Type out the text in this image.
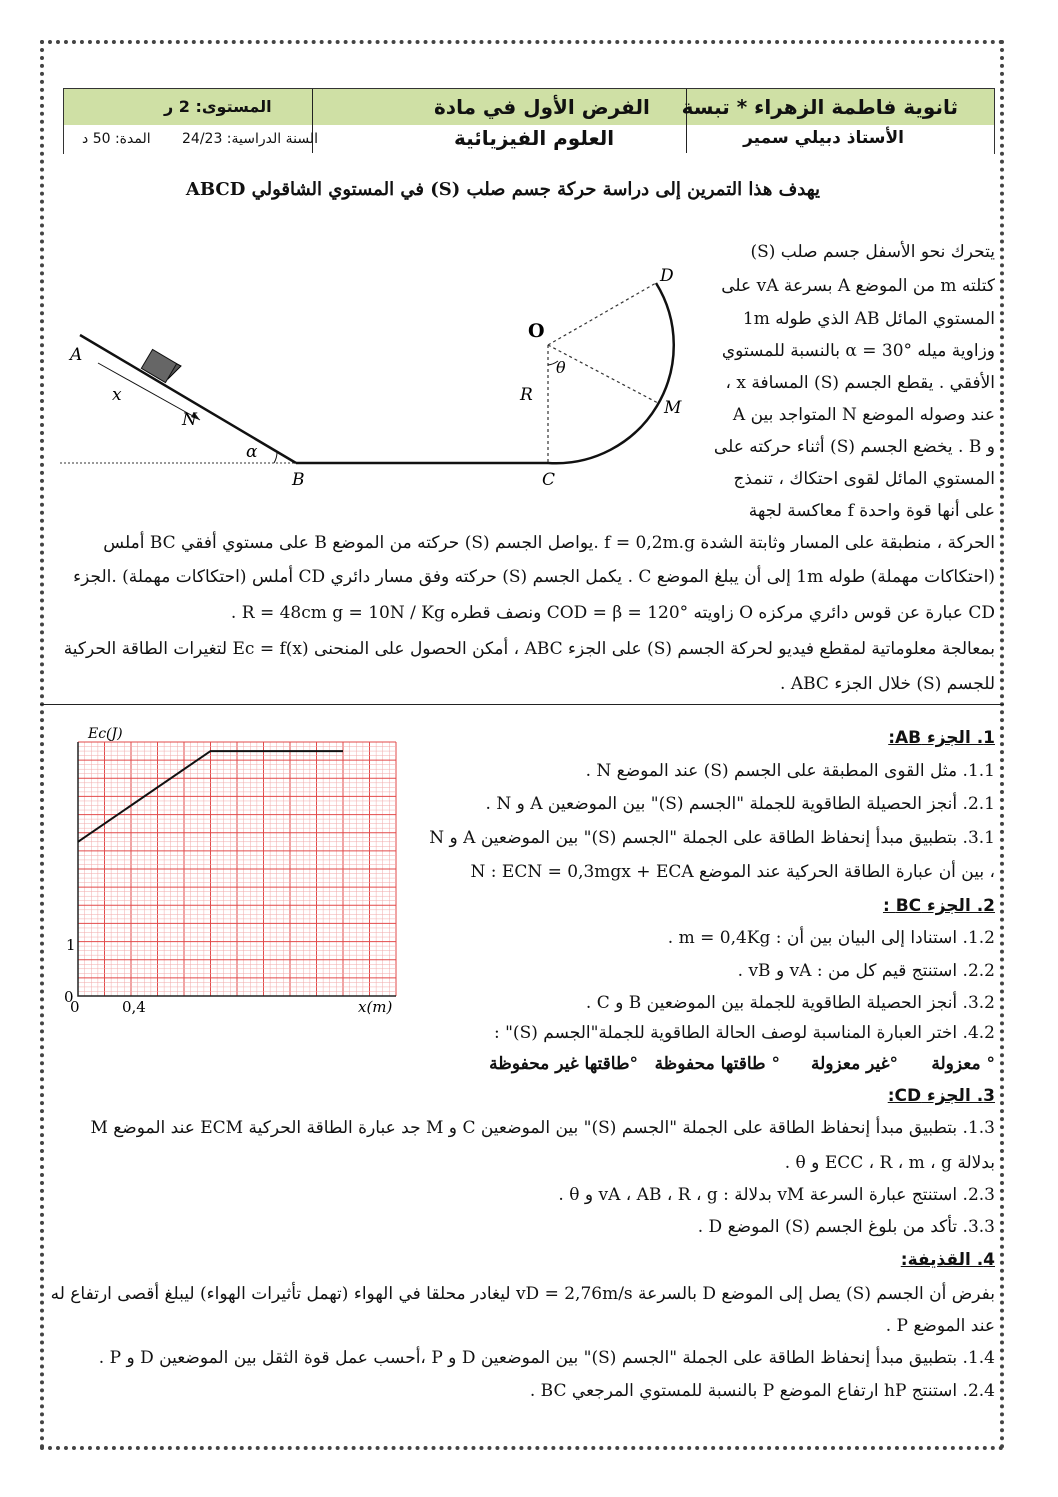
ثانوية فاطمة الزهراء * تبسة
الأستاذ دبيلي سمير
الفرض الأول في مادة
العلوم الفيزيائية
المستوى: 2 ر
السنة الدراسية: 24/23
المدة: 50 د
يهدف هذا التمرين إلى دراسة حركة جسم صلب (S) في المستوي الشاقولي ABCD
يتحرك نحو الأسفل جسم صلب (S)
كتلته m من الموضع A بسرعة vA على
المستوي المائل AB الذي طوله 1m
وزاوية ميله α = 30° بالنسبة للمستوي
الأفقي . يقطع الجسم (S) المسافة x ،
عند وصوله الموضع N المتواجد بين A
و B . يخضع الجسم (S) أثناء حركته على
المستوي المائل لقوى احتكاك ، تنمذج
على أنها قوة واحدة f معاكسة لجهة
الحركة ، منطبقة على المسار وثابتة الشدة f = 0,2m.g .يواصل الجسم (S) حركته من الموضع B على مستوي أفقي BC أملس
(احتكاكات مهملة) طوله 1m إلى أن يبلغ الموضع C . يكمل الجسم (S) حركته وفق مسار دائري CD أملس (احتكاكات مهملة) .الجزء
CD عبارة عن قوس دائري مركزه O زاويته COD = β = 120° ونصف قطره R = 48cm g = 10N / Kg .
بمعالجة معلوماتية لمقطع فيديو لحركة الجسم (S) على الجزء ABC ، أمكن الحصول على المنحنى Ec = f(x) لتغيرات الطاقة الحركية
للجسم (S) خلال الجزء ABC .
A
x
N
α
B	C
O
R
θ
M
D
Ec(J)
x(m)
1
0,4
0
0
1. الجزء AB:
1.1. مثل القوى المطبقة على الجسم (S) عند الموضع N .
2.1. أنجز الحصيلة الطاقوية للجملة "الجسم (S)" بين الموضعين A و N .
3.1. بتطبيق مبدأ إنحفاظ الطاقة على الجملة "الجسم (S)" بين الموضعين A و N
، بين أن عبارة الطاقة الحركية عند الموضع N : ECN = 0,3mgx + ECA
2. الجزء BC :
1.2. استنادا إلى البيان بين أن : m = 0,4Kg .
2.2. استنتج قيم كل من : vA و vB .
3.2. أنجز الحصيلة الطاقوية للجملة بين الموضعين B و C .
4.2. اختر العبارة المناسبة لوصف الحالة الطاقوية للجملة"الجسم (S)" :
° معزولة
°غير معزولة
° طاقتها محفوظة
°طاقتها غير محفوظة
3. الجزء CD:
1.3. بتطبيق مبدأ إنحفاظ الطاقة على الجملة "الجسم (S)" بين الموضعين C و M جد عبارة الطاقة الحركية ECM عند الموضع M
بدلالة ECC ، R ، m ، g و θ .
2.3. استنتج عبارة السرعة vM بدلالة : vA ، AB ، R ، g و θ .
3.3. تأكد من بلوغ الجسم (S) الموضع D .
4. القذيفة:
بفرض أن الجسم (S) يصل إلى الموضع D بالسرعة vD = 2,76m/s ليغادر محلقا في الهواء (تهمل تأثيرات الهواء) ليبلغ أقصى ارتفاع له
عند الموضع P .
1.4. بتطبيق مبدأ إنحفاظ الطاقة على الجملة "الجسم (S)" بين الموضعين D و P ،أحسب عمل قوة الثقل بين الموضعين D و P .
2.4. استنتج hP ارتفاع الموضع P بالنسبة للمستوي المرجعي BC .
